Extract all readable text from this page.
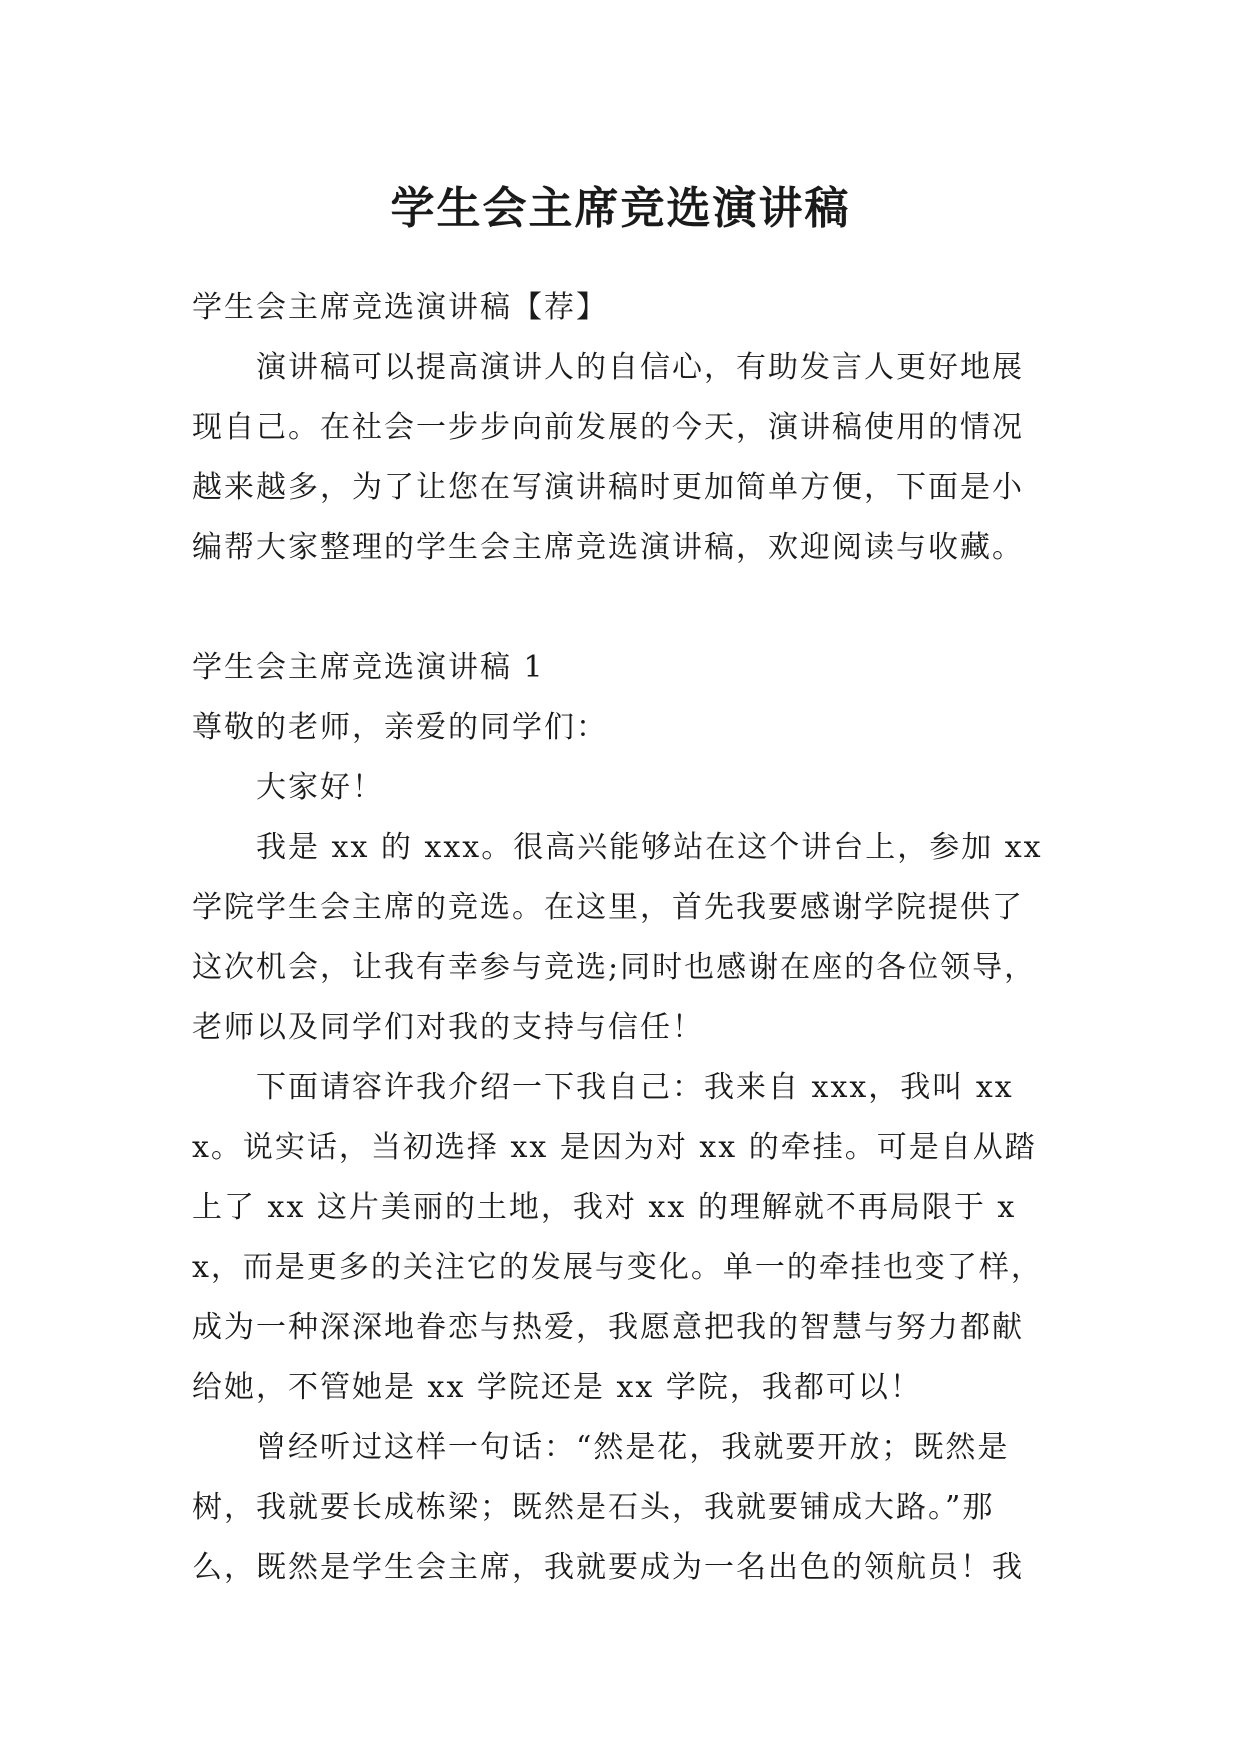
学生会主席竞选演讲稿

学生会主席竞选演讲稿【荐】

演讲稿可以提高演讲人的自信心，有助发言人更好地展现自己。在社会一步步向前发展的今天，演讲稿使用的情况越来越多，为了让您在写演讲稿时更加简单方便，下面是小编帮大家整理的学生会主席竞选演讲稿，欢迎阅读与收藏。

学生会主席竞选演讲稿 1

尊敬的老师，亲爱的同学们：

大家好！

我是 xx 的 xxx。很高兴能够站在这个讲台上，参加 xx 学院学生会主席的竞选。在这里，首先我要感谢学院提供了这次机会，让我有幸参与竞选;同时也感谢在座的各位领导，老师以及同学们对我的支持与信任！

下面请容许我介绍一下我自己：我来自 xxx，我叫 xxx。说实话，当初选择 xx 是因为对 xx 的牵挂。可是自从踏上了 xx 这片美丽的土地，我对 xx 的理解就不再局限于 xx，而是更多的关注它的发展与变化。单一的牵挂也变了样，成为一种深深地眷恋与热爱，我愿意把我的智慧与努力都献给她，不管她是 xx 学院还是 xx 学院，我都可以！

曾经听过这样一句话：“然是花，我就要开放；既然是树，我就要长成栋梁；既然是石头，我就要铺成大路。”那么，既然是学生会主席，我就要成为一名出色的领航员！我
